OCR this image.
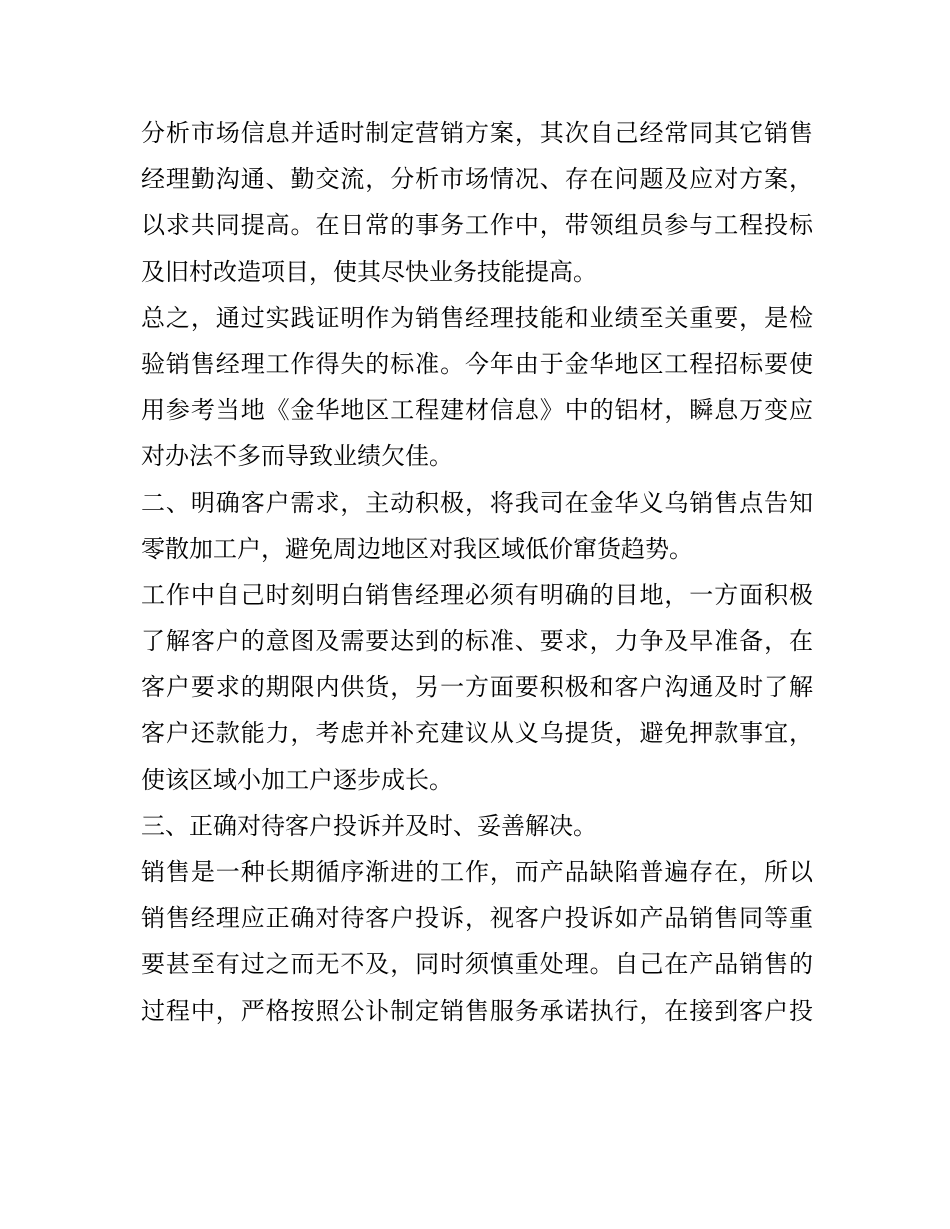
分析市场信息并适时制定营销方案，其次自己经常同其它销售
经理勤沟通、勤交流，分析市场情况、存在问题及应对方案，
以求共同提高。在日常的事务工作中，带领组员参与工程投标
及旧村改造项目，使其尽快业务技能提高。
总之，通过实践证明作为销售经理技能和业绩至关重要，是检
验销售经理工作得失的标准。今年由于金华地区工程招标要使
用参考当地《金华地区工程建材信息》中的铝材，瞬息万变应
对办法不多而导致业绩欠佳。
二、明确客户需求，主动积极，将我司在金华义乌销售点告知
零散加工户，避免周边地区对我区域低价窜货趋势。
工作中自己时刻明白销售经理必须有明确的目地，一方面积极
了解客户的意图及需要达到的标准、要求，力争及早准备，在
客户要求的期限内供货，另一方面要积极和客户沟通及时了解
客户还款能力，考虑并补充建议从义乌提货，避免押款事宜，
使该区域小加工户逐步成长。
三、正确对待客户投诉并及时、妥善解决。
销售是一种长期循序渐进的工作，而产品缺陷普遍存在，所以
销售经理应正确对待客户投诉，视客户投诉如产品销售同等重
要甚至有过之而无不及，同时须慎重处理。自己在产品销售的
过程中，严格按照公讣制定销售服务承诺执行，在接到客户投
